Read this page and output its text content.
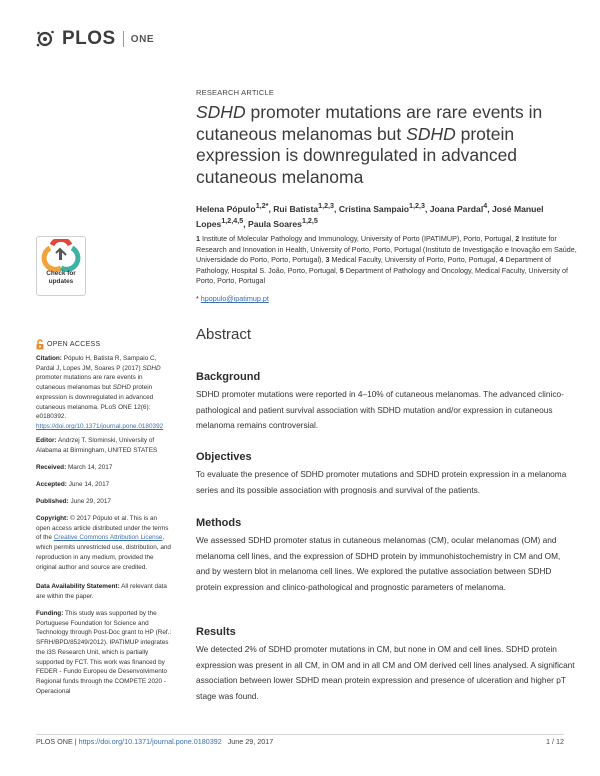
PLOS ONE
RESEARCH ARTICLE
SDHD promoter mutations are rare events in
cutaneous melanomas but SDHD protein
expression is downregulated in advanced
cutaneous melanoma
Helena Pópulo$^{1,2*}$, Rui Batista$^{1,2,3}$, Cristina Sampaio$^{1,2,3}$, Joana Pardal$^4$, José Manuel Lopes$^{1,2,4,5}$, Paula Soares$^{1,2,5}$
1 Institute of Molecular Pathology and Immunology, University of Porto (IPATIMUP), Porto, Portugal, 2 Institute for Research and Innovation in Health, University of Porto, Porto, Portugal (Instituto de Investigação e Inovação em Saúde, Universidade do Porto, Porto, Portugal), 3 Medical Faculty, University of Porto, Porto, Portugal, 4 Department of Pathology, Hospital S. João, Porto, Portugal, 5 Department of Pathology and Oncology, Medical Faculty, University of Porto, Porto, Portugal
* hpopulo@ipatimup.pt
Abstract
Background
SDHD promoter mutations were reported in 4–10% of cutaneous melanomas. The advanced clinico-pathological and patient survival association with SDHD mutation and/or expression in cutaneous melanoma remains controversial.
Objectives
To evaluate the presence of SDHD promoter mutations and SDHD protein expression in a melanoma series and its possible association with prognosis and survival of the patients.
Methods
We assessed SDHD promoter status in cutaneous melanomas (CM), ocular melanomas (OM) and melanoma cell lines, and the expression of SDHD protein by immunohistochemistry in CM and OM, and by western blot in melanoma cell lines. We explored the putative association between SDHD protein expression and clinico-pathological and prognostic parameters of melanoma.
Results
We detected 2% of SDHD promoter mutations in CM, but none in OM and cell lines. SDHD protein expression was present in all CM, in OM and in all CM and OM derived cell lines analysed. A significant association between lower SDHD mean protein expression and presence of ulceration and higher pT stage was found.
Check for
updates
OPEN ACCESS
Citation: Pópulo H, Batista R, Sampaio C, Pardal J, Lopes JM, Soares P (2017) SDHD promoter mutations are rare events in cutaneous melanomas but SDHD protein expression is downregulated in advanced cutaneous melanoma. PLoS ONE 12(6): e0180392. https://doi.org/10.1371/journal.pone.0180392
Editor: Andrzej T. Slominski, University of Alabama at Birmingham, UNITED STATES
Received: March 14, 2017
Accepted: June 14, 2017
Published: June 29, 2017
Copyright: © 2017 Pópulo et al. This is an open access article distributed under the terms of the Creative Commons Attribution License, which permits unrestricted use, distribution, and reproduction in any medium, provided the original author and source are credited.
Data Availability Statement: All relevant data are within the paper.
Funding: This study was supported by the Portuguese Foundation for Science and Technology through Post-Doc grant to HP (Ref.: SFRH/BPD/85249/2012). IPATIMUP integrates the i3S Research Unit, which is partially supported by FCT. This work was financed by FEDER - Fundo Europeu de Desenvolvimento Regional funds through the COMPETE 2020 - Operacional
PLOS ONE | https://doi.org/10.1371/journal.pone.0180392 June 29, 2017	1 / 12
